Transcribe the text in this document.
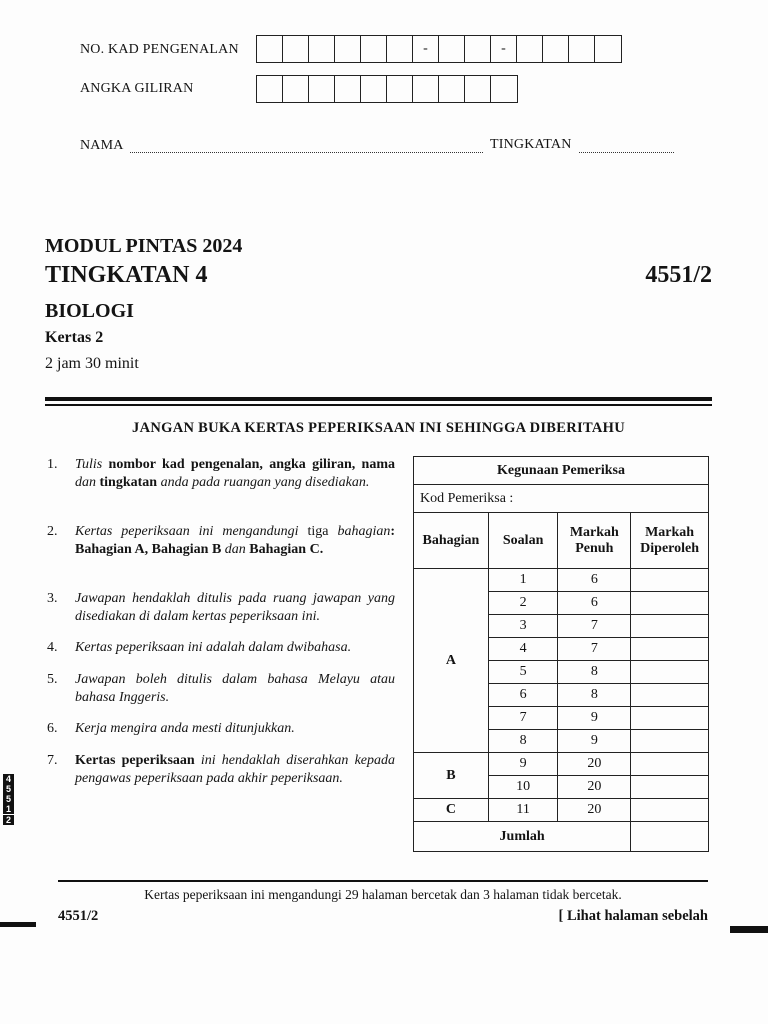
NO. KAD PENGENALAN	-	-
ANGKA GILIRAN
NAMA	TINGKATAN
MODUL PINTAS 2024
TINGKATAN 4	4551/2
BIOLOGI
Kertas 2
2 jam 30 minit
JANGAN BUKA KERTAS PEPERIKSAAN INI SEHINGGA DIBERITAHU
1. Tulis nombor kad pengenalan, angka giliran, nama dan tingkatan anda pada ruangan yang disediakan.
2. Kertas peperiksaan ini mengandungi tiga bahagian: Bahagian A, Bahagian B dan Bahagian C.
3. Jawapan hendaklah ditulis pada ruang jawapan yang disediakan di dalam kertas peperiksaan ini.
4. Kertas peperiksaan ini adalah dalam dwibahasa.
5. Jawapan boleh ditulis dalam bahasa Melayu atau bahasa Inggeris.
6. Kerja mengira anda mesti ditunjukkan.
7. Kertas peperiksaan ini hendaklah diserahkan kepada pengawas peperiksaan pada akhir peperiksaan.
Kegunaan Pemeriksa			
Kod Pemeriksa :			
Bahagian	Soalan	Markah Penuh	Markah Diperoleh
A	1	6	
	2	6	
	3	7	
	4	7	
	5	8	
	6	8	
	7	9	
	8	9	
B	9	20	
	10	20	
C	11	20	
Jumlah			
4
5
5
1
2
Kertas peperiksaan ini mengandungi 29 halaman bercetak dan 3 halaman tidak bercetak.
4551/2	[ Lihat halaman sebelah
